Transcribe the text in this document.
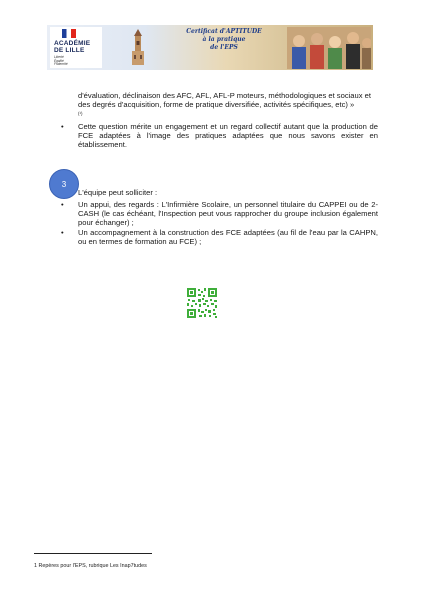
ACADÉMIE
DE LILLE
Liberté
Égalité
Fraternité
Certificat d'APTITUDE
à la pratique
de l'EPS
d'évaluation, déclinaison des AFC, AFL, AFL-P moteurs, méthodologiques et sociaux et des degrés d'acquisition, forme de pratique diversifiée, activités spécifiques, etc) »
$^{(^1)}$
• Cette question mérite un engagement et un regard collectif autant que la production de FCE adaptées à l'image des pratiques adaptées que nous savons exister en établissement.
3
L'équipe peut solliciter :
• Un appui, des regards : L'Infirmière Scolaire, un personnel titulaire du CAPPEI ou de 2-CASH (le cas échéant, l'Inspection peut vous rapprocher du groupe inclusion également pour échanger) ;
• Un accompagnement à la construction des FCE adaptées (au fil de l'eau par la CAHPN, ou en termes de formation au FCE) ;
1 Repères pour l'EPS, rubrique Les Inap7tudes
